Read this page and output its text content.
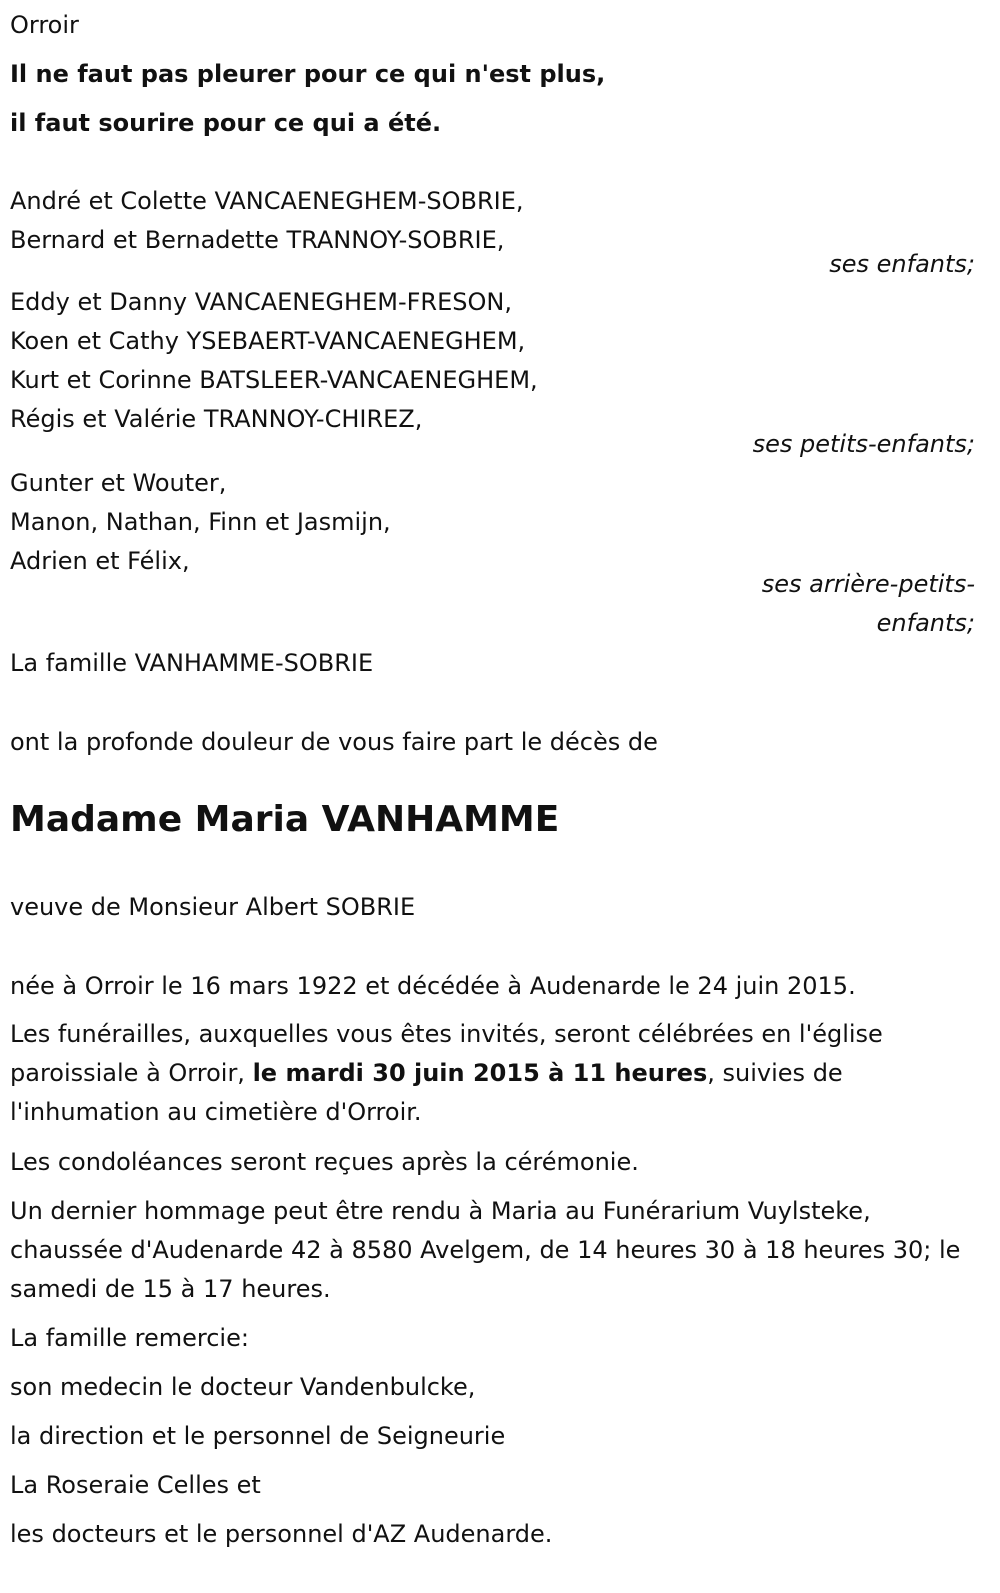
Orroir
Il ne faut pas pleurer pour ce qui n'est plus,
il faut sourire pour ce qui a été.
André et Colette VANCAENEGHEM-SOBRIE,
Bernard et Bernadette TRANNOY-SOBRIE,
ses enfants;
Eddy et Danny VANCAENEGHEM-FRESON,
Koen et Cathy YSEBAERT-VANCAENEGHEM,
Kurt et Corinne BATSLEER-VANCAENEGHEM,
Régis et Valérie TRANNOY-CHIREZ,
ses petits-enfants;
Gunter et Wouter,
Manon, Nathan, Finn et Jasmijn,
Adrien et Félix,
ses arrière-petits-
enfants;
La famille VANHAMME-SOBRIE
ont la profonde douleur de vous faire part le décès de
Madame Maria VANHAMME
veuve de Monsieur Albert SOBRIE
née à Orroir le 16 mars 1922 et décédée à Audenarde le 24 juin 2015.
Les funérailles, auxquelles vous êtes invités, seront célébrées en l'église paroissiale à Orroir, le mardi 30 juin 2015 à 11 heures, suivies de l'inhumation au cimetière d'Orroir.
Les condoléances seront reçues après la cérémonie.
Un dernier hommage peut être rendu à Maria au Funérarium Vuylsteke, chaussée d'Audenarde 42 à 8580 Avelgem, de 14 heures 30 à 18 heures 30; le samedi de 15 à 17 heures.
La famille remercie:
son medecin le docteur Vandenbulcke,
la direction et le personnel de Seigneurie
La Roseraie Celles et
les docteurs et le personnel d'AZ Audenarde.
